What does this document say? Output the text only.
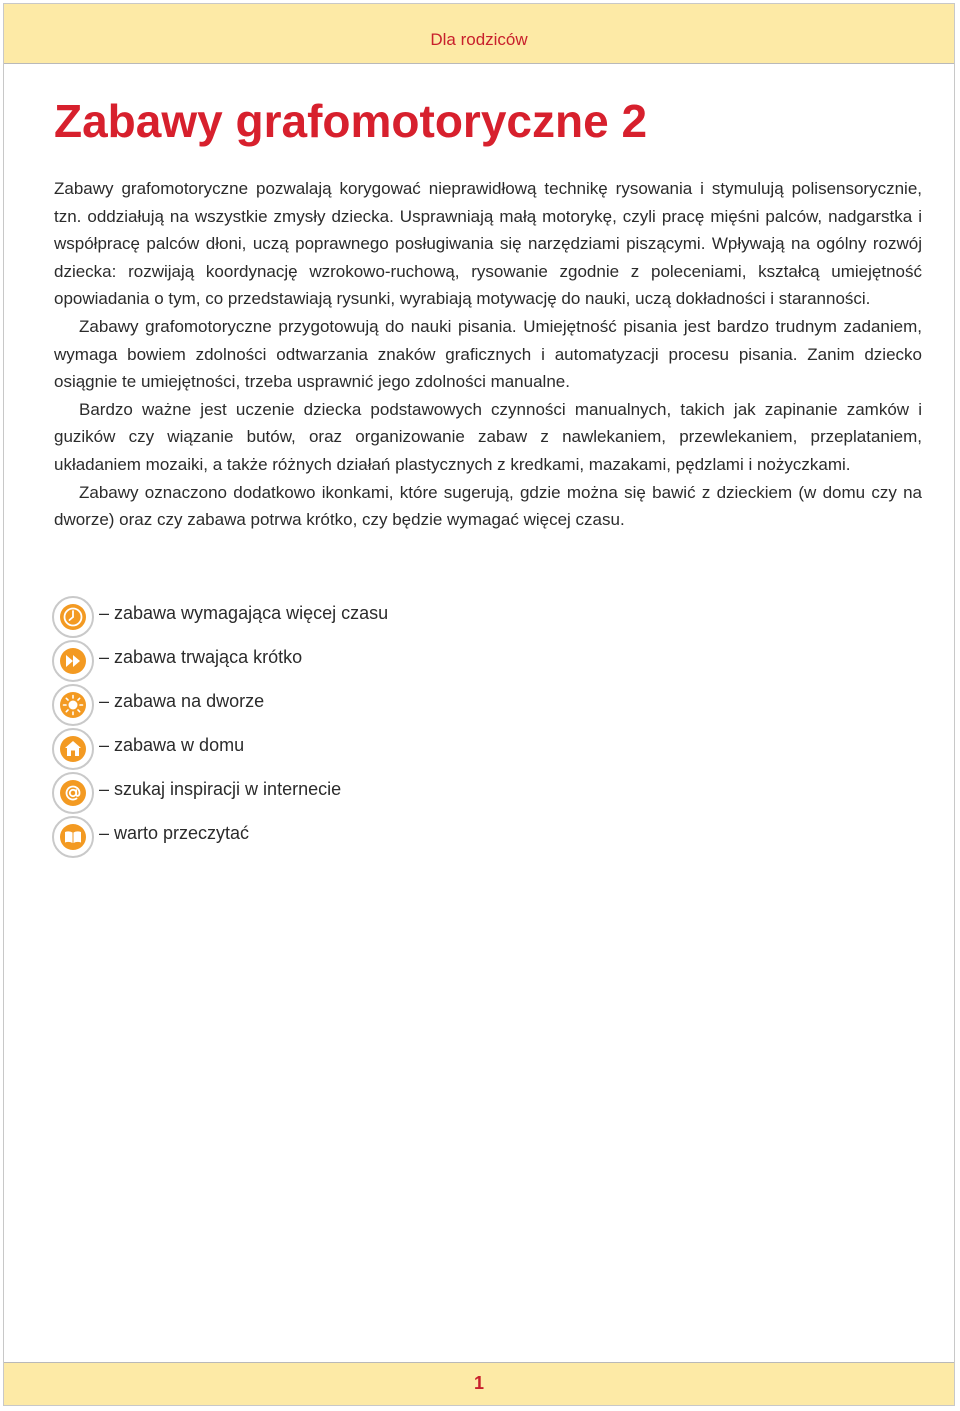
Dla rodziców
Zabawy grafomotoryczne 2

Zabawy grafomotoryczne pozwalają korygować nieprawidłową technikę rysowania i stymulują polisensorycznie, tzn. oddziałują na wszystkie zmysły dziecka. Usprawniają małą motorykę, czyli pracę mięśni palców, nadgarstka i współpracę palców dłoni, uczą poprawnego posługiwania się narzędziami piszącymi. Wpływają na ogólny rozwój dziecka: rozwijają koordynację wzrokowo-ruchową, rysowanie zgodnie z poleceniami, kształcą umiejętność opowiadania o tym, co przedstawiają rysunki, wyrabiają motywację do nauki, uczą dokładności i staranności.

Zabawy grafomotoryczne przygotowują do nauki pisania. Umiejętność pisania jest bardzo trudnym zadaniem, wymaga bowiem zdolności odtwarzania znaków graficznych i automatyzacji procesu pisania. Zanim dziecko osiągnie te umiejętności, trzeba usprawnić jego zdolności manualne.

Bardzo ważne jest uczenie dziecka podstawowych czynności manualnych, takich jak zapinanie zamków i guzików czy wiązanie butów, oraz organizowanie zabaw z nawlekaniem, przewlekaniem, przeplataniem, układaniem mozaiki, a także różnych działań plastycznych z kredkami, mazakami, pędzlami i nożyczkami.

Zabawy oznaczono dodatkowo ikonkami, które sugerują, gdzie można się bawić z dzieckiem (w domu czy na dworze) oraz czy zabawa potrwa krótko, czy będzie wymagać więcej czasu.

– zabawa wymagająca więcej czasu
– zabawa trwająca krótko
– zabawa na dworze
– zabawa w domu
– szukaj inspiracji w internecie
– warto przeczytać
1
